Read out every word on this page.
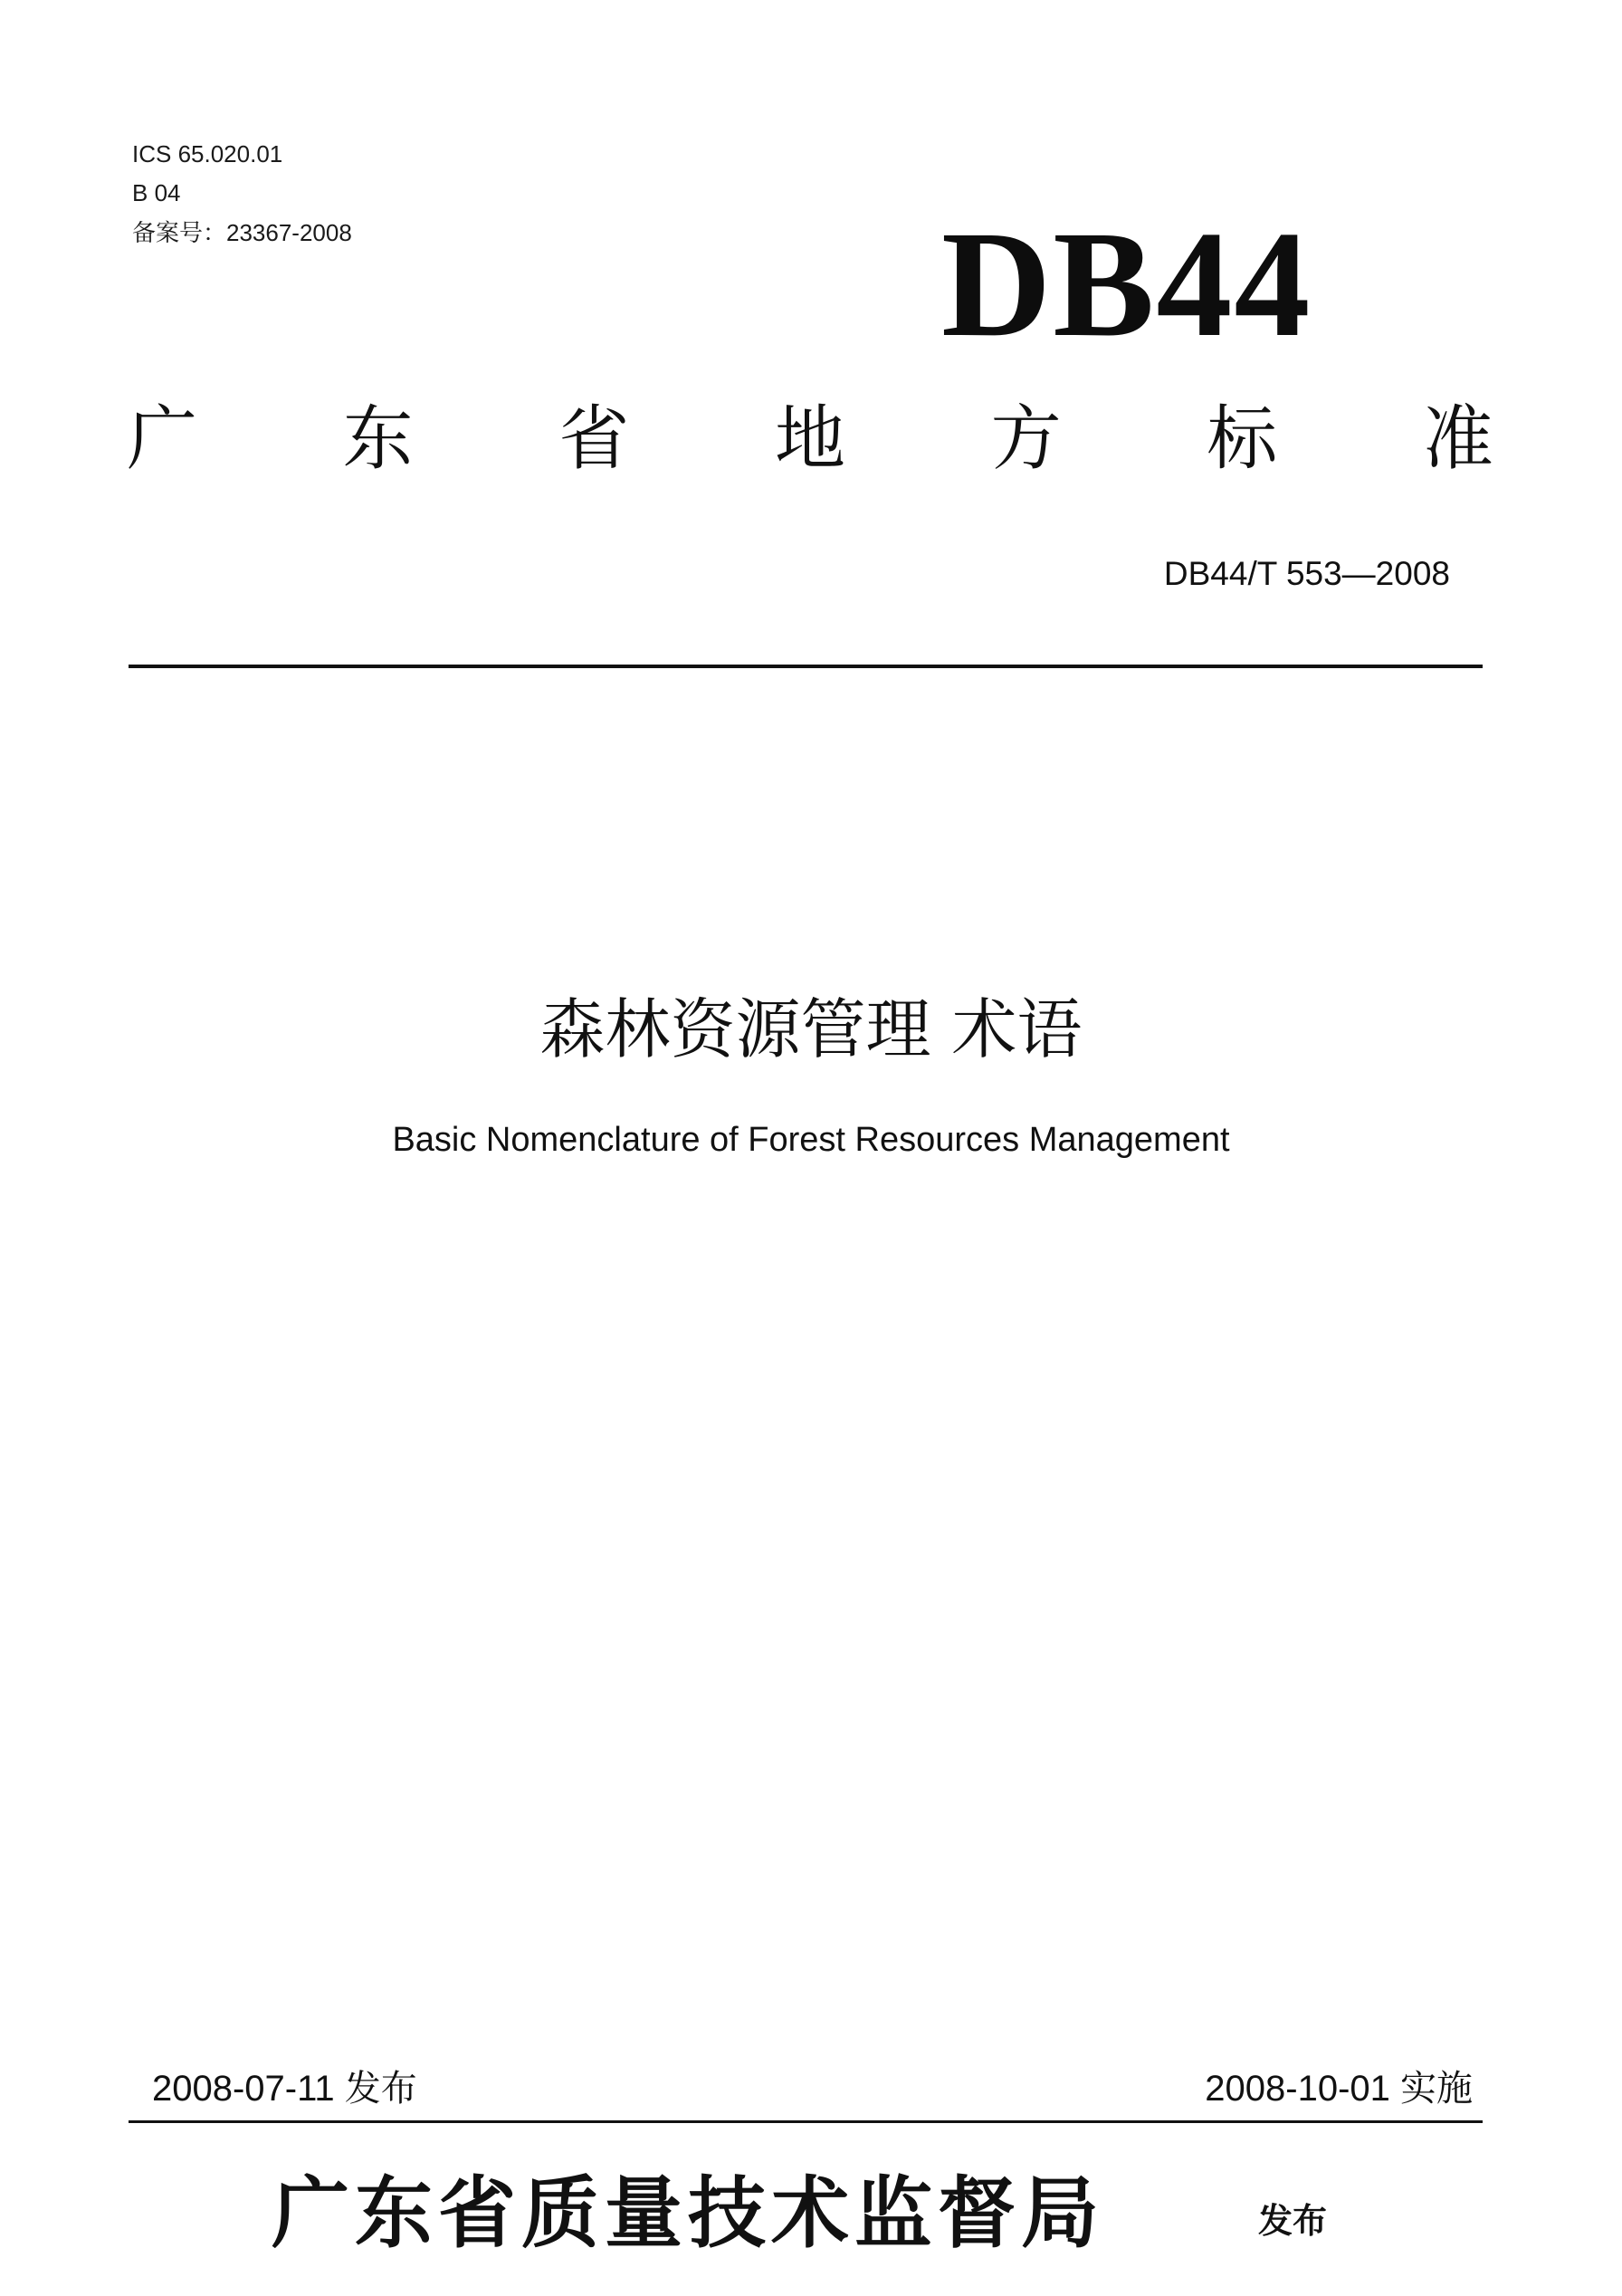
ICS 65.020.01
B 04
备案号：23367-2008	DB44
广 东 省 地 方 标 准
DB44/T 553—2008
森林资源管理 术语
Basic Nomenclature of Forest Resources Management
2008-07-11 发布	2008-10-01 实施
广东省质量技术监督局	发布
